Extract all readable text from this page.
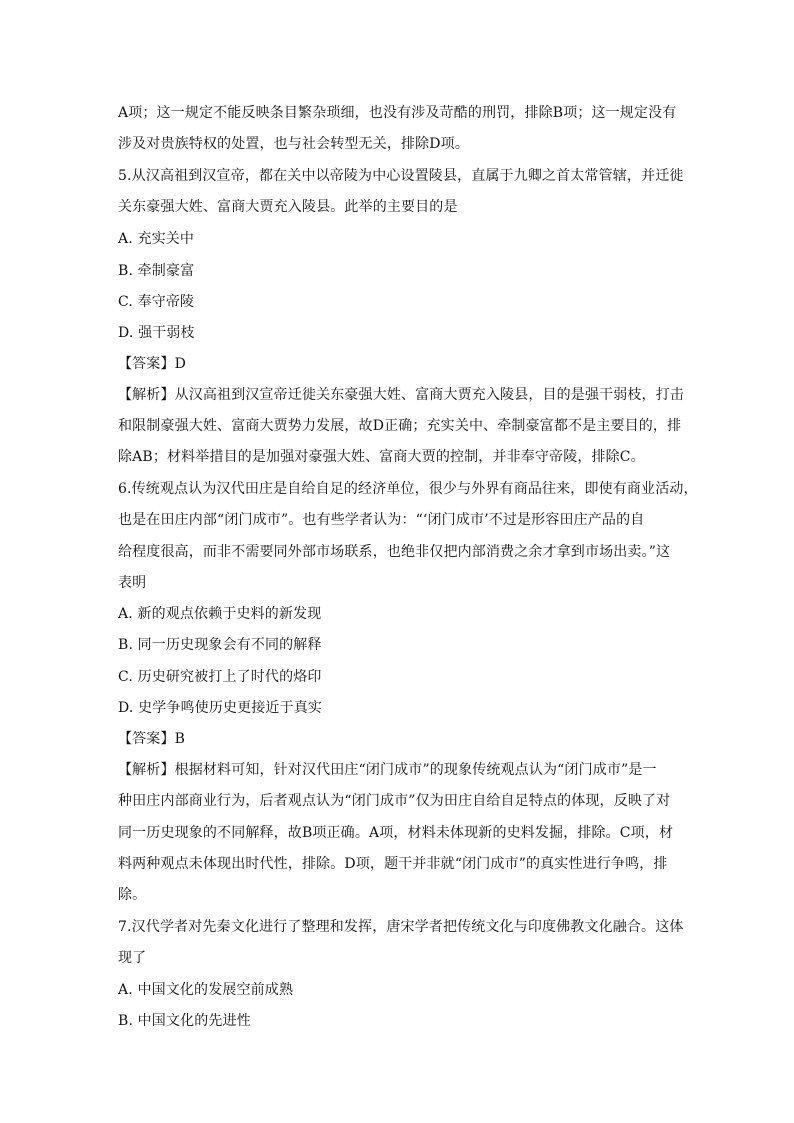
A项；这一规定不能反映条目繁杂琐细，也没有涉及苛酷的刑罚，排除B项；这一规定没有
涉及对贵族特权的处置，也与社会转型无关，排除D项。
5.从汉高祖到汉宣帝，都在关中以帝陵为中心设置陵县，直属于九卿之首太常管辖，并迁徙
关东豪强大姓、富商大贾充入陵县。此举的主要目的是
A. 充实关中
B. 牵制豪富
C. 奉守帝陵
D. 强干弱枝
【答案】D
【解析】从汉高祖到汉宣帝迁徙关东豪强大姓、富商大贾充入陵县，目的是强干弱枝，打击
和限制豪强大姓、富商大贾势力发展，故D正确；充实关中、牵制豪富都不是主要目的，排
除AB；材料举措目的是加强对豪强大姓、富商大贾的控制，并非奉守帝陵，排除C。
6.传统观点认为汉代田庄是自给自足的经济单位，很少与外界有商品往来，即使有商业活动，
也是在田庄内部“闭门成市”。也有些学者认为：“‘闭门成市’不过是形容田庄产品的自
给程度很高，而非不需要同外部市场联系，也绝非仅把内部消费之余才拿到市场出卖。”这
表明
A. 新的观点依赖于史料的新发现
B. 同一历史现象会有不同的解释
C. 历史研究被打上了时代的烙印
D. 史学争鸣使历史更接近于真实
【答案】B
【解析】根据材料可知，针对汉代田庄“闭门成市”的现象传统观点认为“闭门成市”是一
种田庄内部商业行为，后者观点认为“闭门成市”仅为田庄自给自足特点的体现，反映了对
同一历史现象的不同解释，故B项正确。A项，材料未体现新的史料发掘，排除。C项，材
料两种观点未体现出时代性，排除。D项，题干并非就“闭门成市”的真实性进行争鸣，排
除。
7.汉代学者对先秦文化进行了整理和发挥，唐宋学者把传统文化与印度佛教文化融合。这体
现了
A. 中国文化的发展空前成熟
B. 中国文化的先进性
